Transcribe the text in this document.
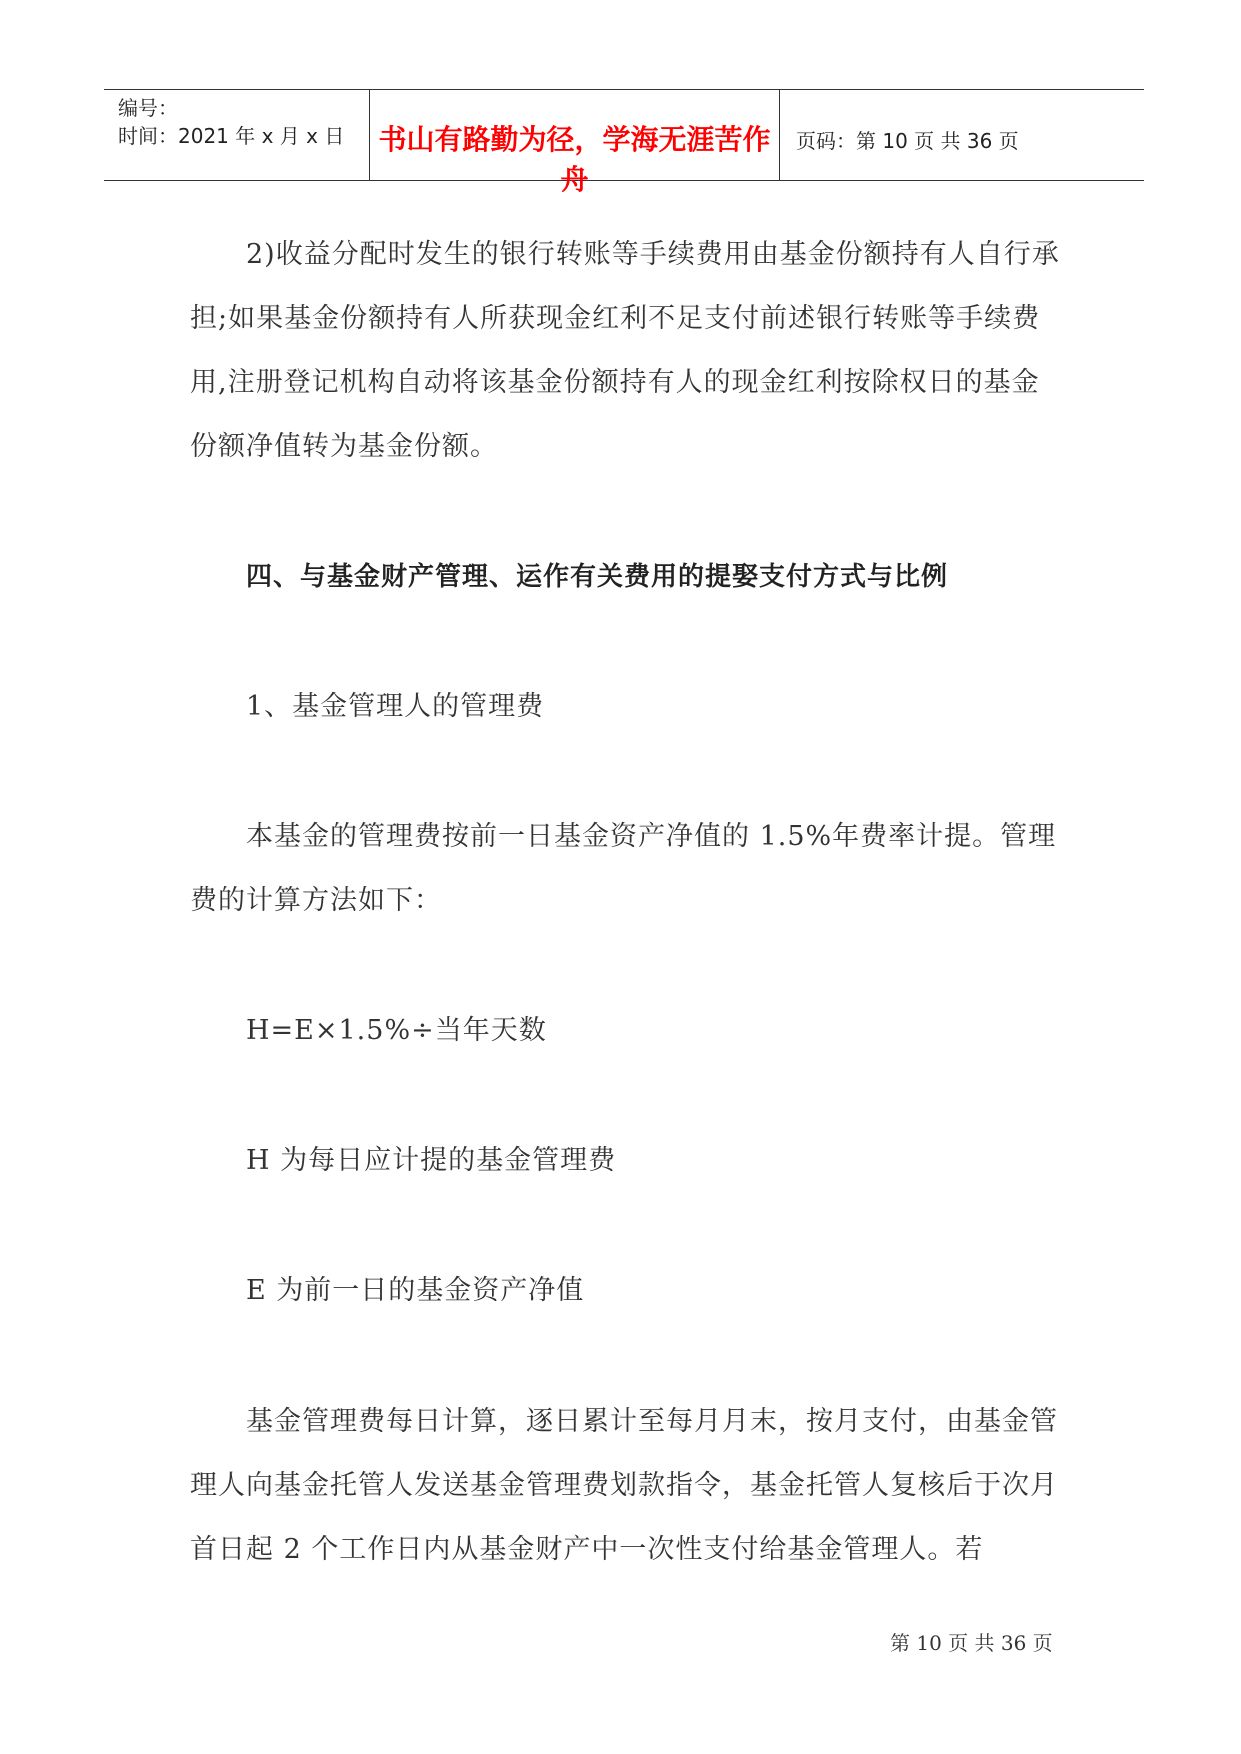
编号：
时间：2021 年 x 月 x 日	书山有路勤为径，学海无涯苦作舟
页码：第 10 页 共 36 页

2)收益分配时发生的银行转账等手续费用由基金份额持有人自行承担;如果基金份额持有人所获现金红利不足支付前述银行转账等手续费用,注册登记机构自动将该基金份额持有人的现金红利按除权日的基金份额净值转为基金份额。

四、与基金财产管理、运作有关费用的提娶支付方式与比例

1、基金管理人的管理费

本基金的管理费按前一日基金资产净值的 1.5%年费率计提。管理费的计算方法如下：

H=E×1.5%÷当年天数

H 为每日应计提的基金管理费

E 为前一日的基金资产净值

基金管理费每日计算，逐日累计至每月月末，按月支付，由基金管理人向基金托管人发送基金管理费划款指令，基金托管人复核后于次月首日起 2 个工作日内从基金财产中一次性支付给基金管理人。若

第 10 页 共 36 页
